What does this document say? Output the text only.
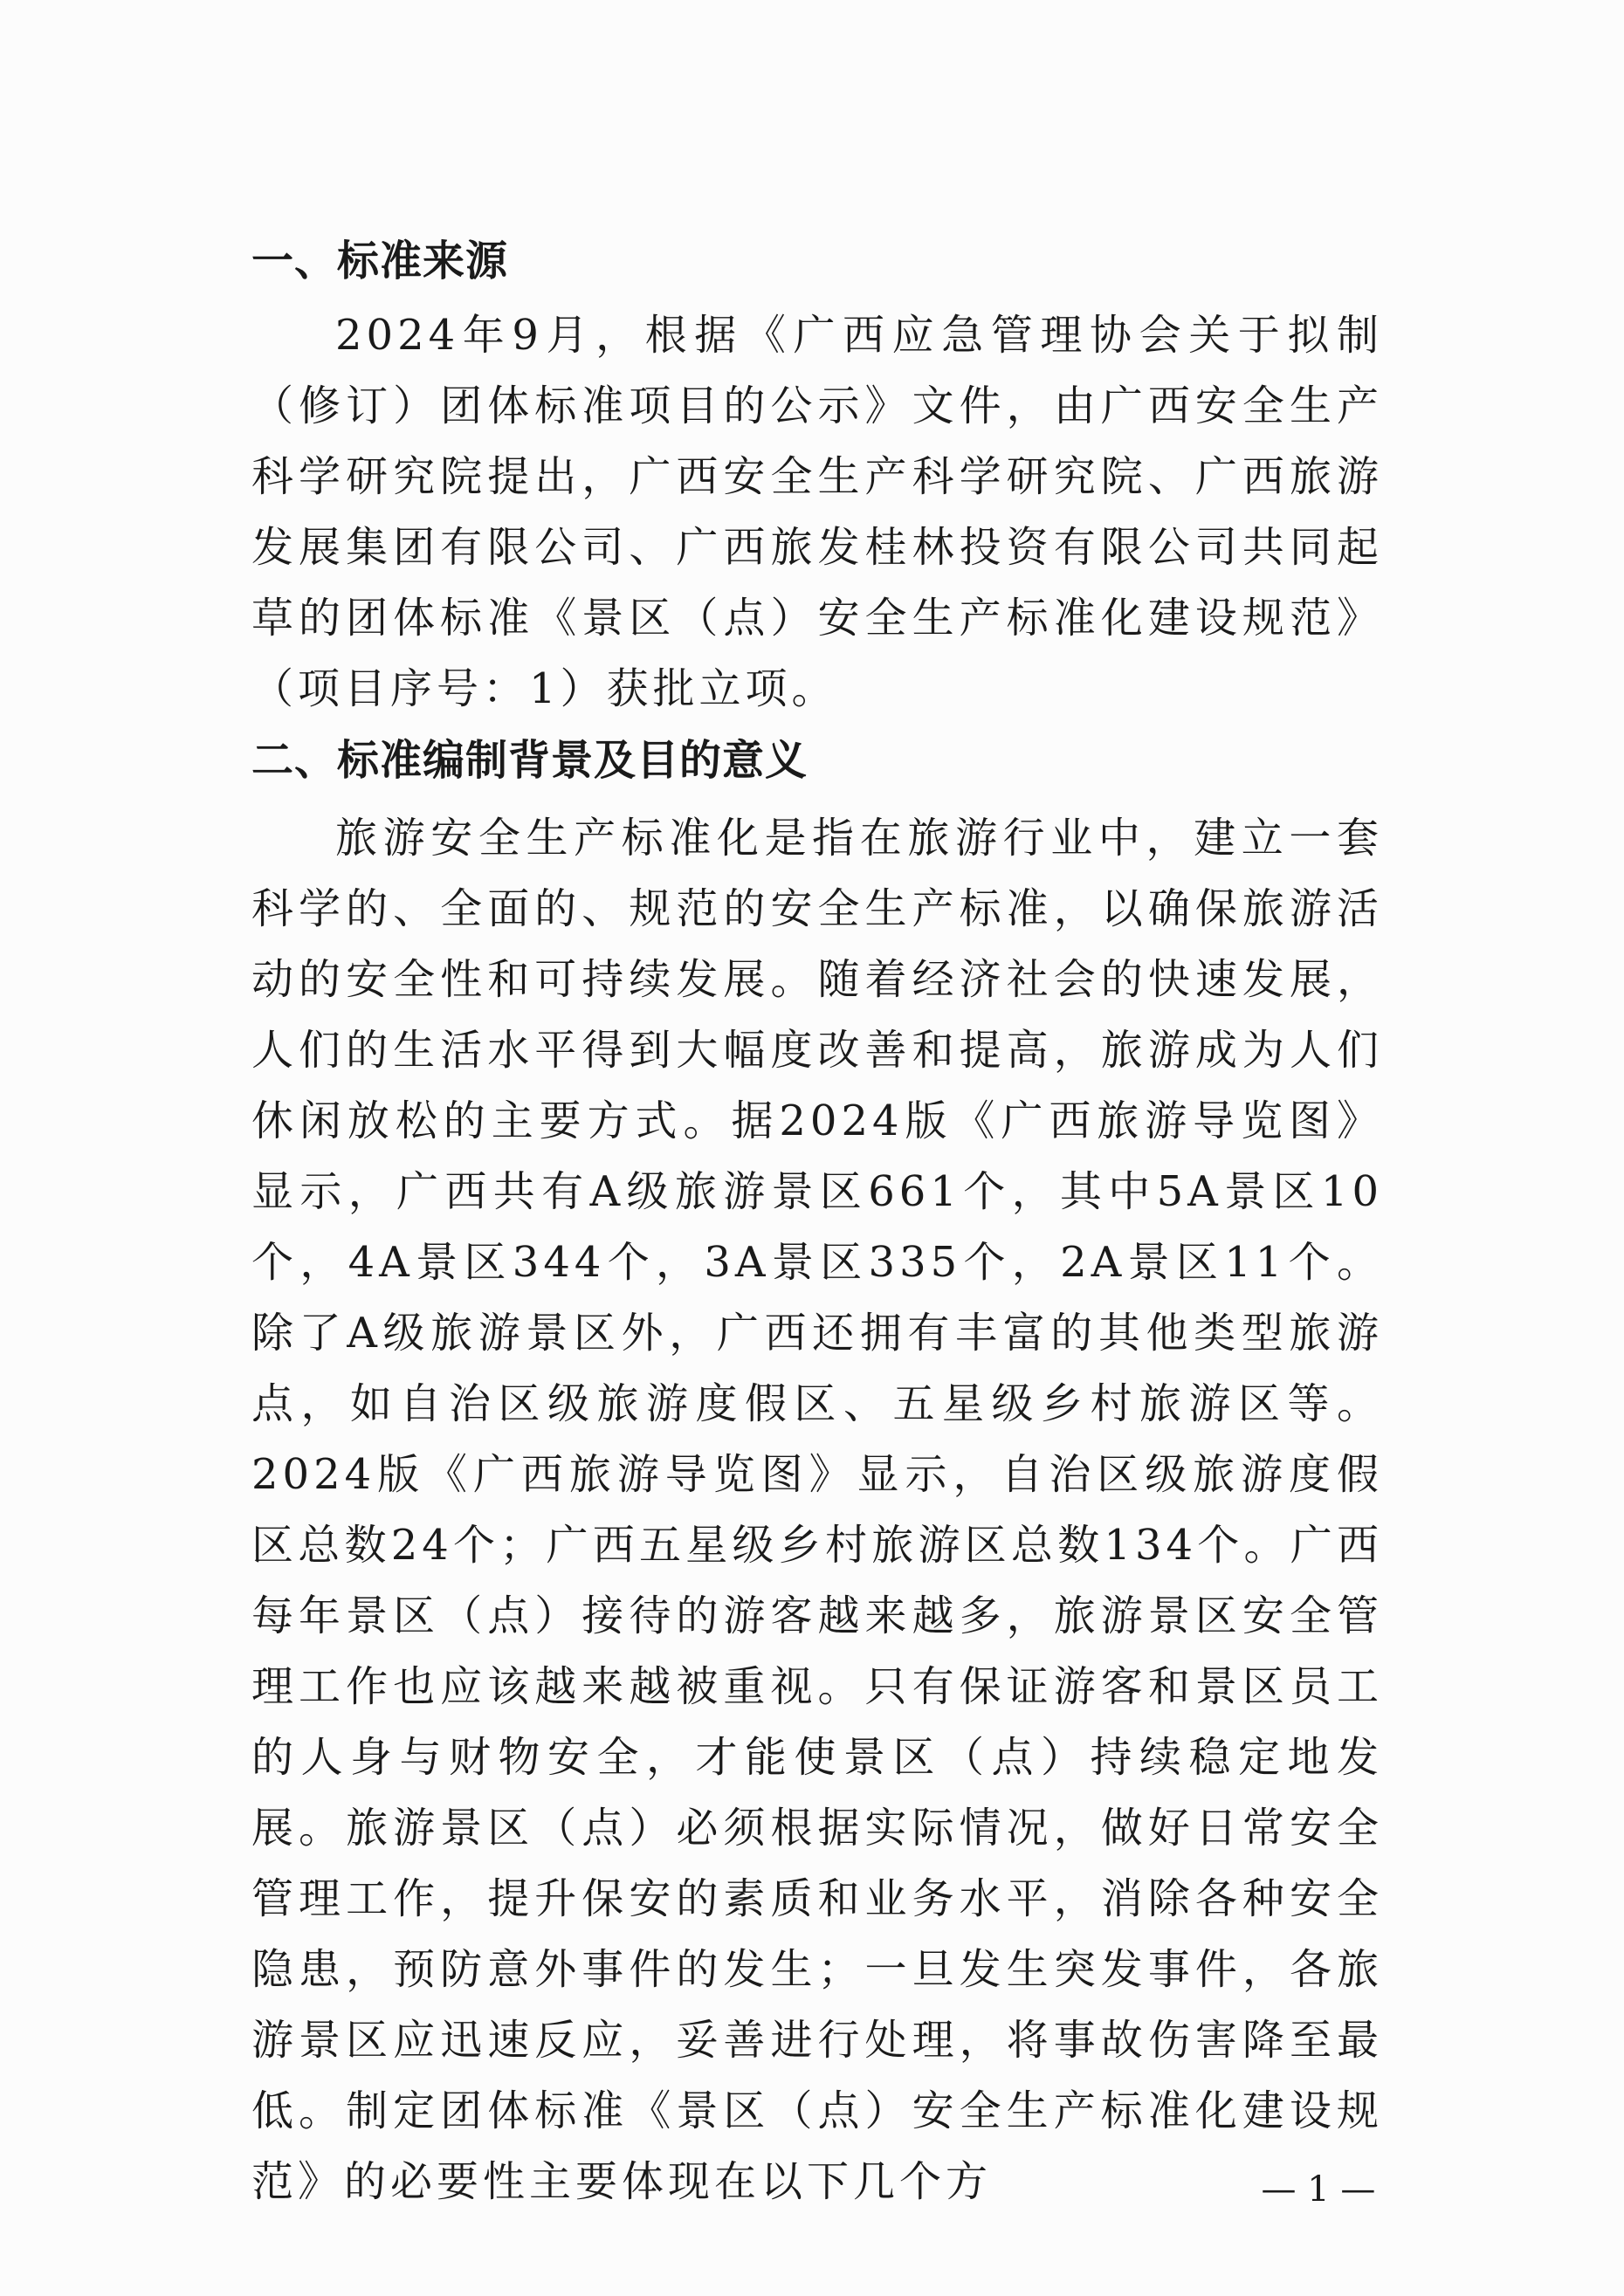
一、标准来源

2024年9月，根据《广西应急管理协会关于拟制（修订）团体标准项目的公示》文件，由广西安全生产科学研究院提出，广西安全生产科学研究院、广西旅游发展集团有限公司、广西旅发桂林投资有限公司共同起草的团体标准《景区（点）安全生产标准化建设规范》（项目序号：1）获批立项。

二、标准编制背景及目的意义

旅游安全生产标准化是指在旅游行业中，建立一套科学的、全面的、规范的安全生产标准，以确保旅游活动的安全性和可持续发展。随着经济社会的快速发展，人们的生活水平得到大幅度改善和提高，旅游成为人们休闲放松的主要方式。据2024版《广西旅游导览图》显示，广西共有A级旅游景区661个，其中5A景区10个，4A景区344个，3A景区335个，2A景区11个。除了A级旅游景区外，广西还拥有丰富的其他类型旅游点，如自治区级旅游度假区、五星级乡村旅游区等。2024版《广西旅游导览图》显示，自治区级旅游度假区总数24个；广西五星级乡村旅游区总数134个。广西每年景区（点）接待的游客越来越多，旅游景区安全管理工作也应该越来越被重视。只有保证游客和景区员工的人身与财物安全，才能使景区（点）持续稳定地发展。旅游景区（点）必须根据实际情况，做好日常安全管理工作，提升保安的素质和业务水平，消除各种安全隐患，预防意外事件的发生；一旦发生突发事件，各旅游景区应迅速反应，妥善进行处理，将事故伤害降至最低。制定团体标准《景区（点）安全生产标准化建设规范》的必要性主要体现在以下几个方	— 1 —
